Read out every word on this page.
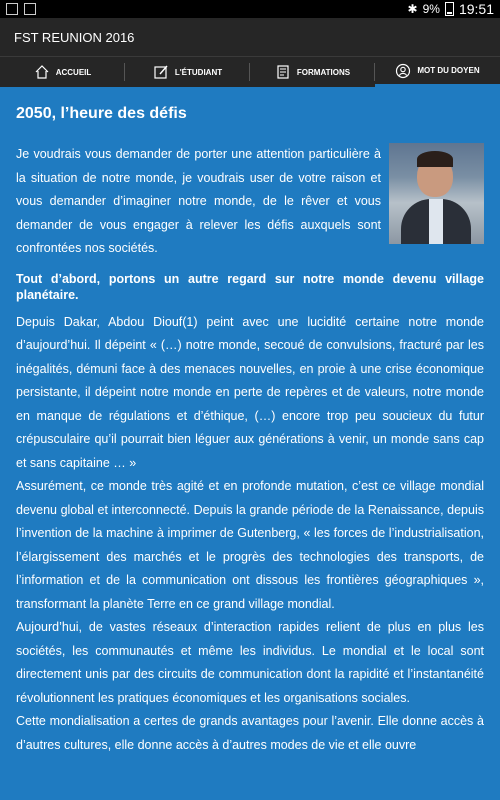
✱ 9% 19:51
FST REUNION 2016
ACCUEIL	L'ÉTUDIANT	FORMATIONS	MOT DU DOYEN
2050, l’heure des défis

Je voudrais vous demander de porter une attention particulière à la situation de notre monde, je voudrais user de votre raison et vous demander d’imaginer notre monde, de le rêver et vous demander de vous engager à relever les défis auxquels sont confrontées nos sociétés.

Tout d’abord, portons un autre regard sur notre monde devenu village planétaire.

Depuis Dakar, Abdou Diouf(1) peint avec une lucidité certaine notre monde d’aujourd’hui. Il dépeint « (…) notre monde, secoué de convulsions, fracturé par les inégalités, démuni face à des menaces nouvelles, en proie à une crise économique persistante, il dépeint notre monde en perte de repères et de valeurs, notre monde en manque de régulations et d’éthique, (…) encore trop peu soucieux du futur crépusculaire qu’il pourrait bien léguer aux générations à venir, un monde sans cap et sans capitaine … »

Assurément, ce monde très agité et en profonde mutation, c’est ce village mondial devenu global et interconnecté. Depuis la grande période de la Renaissance, depuis l’invention de la machine à imprimer de Gutenberg, « les forces de l’industrialisation, l’élargissement des marchés et le progrès des technologies des transports, de l’information et de la communication ont dissous les frontières géographiques », transformant la planète Terre en ce grand village mondial.

Aujourd’hui, de vastes réseaux d’interaction rapides relient de plus en plus les sociétés, les communautés et même les individus. Le mondial et le local sont directement unis par des circuits de communication dont la rapidité et l’instantanéité révolutionnent les pratiques économiques et les organisations sociales.

Cette mondialisation a certes de grands avantages pour l’avenir. Elle donne accès à d’autres cultures, elle donne accès à d’autres modes de vie et elle ouvre
